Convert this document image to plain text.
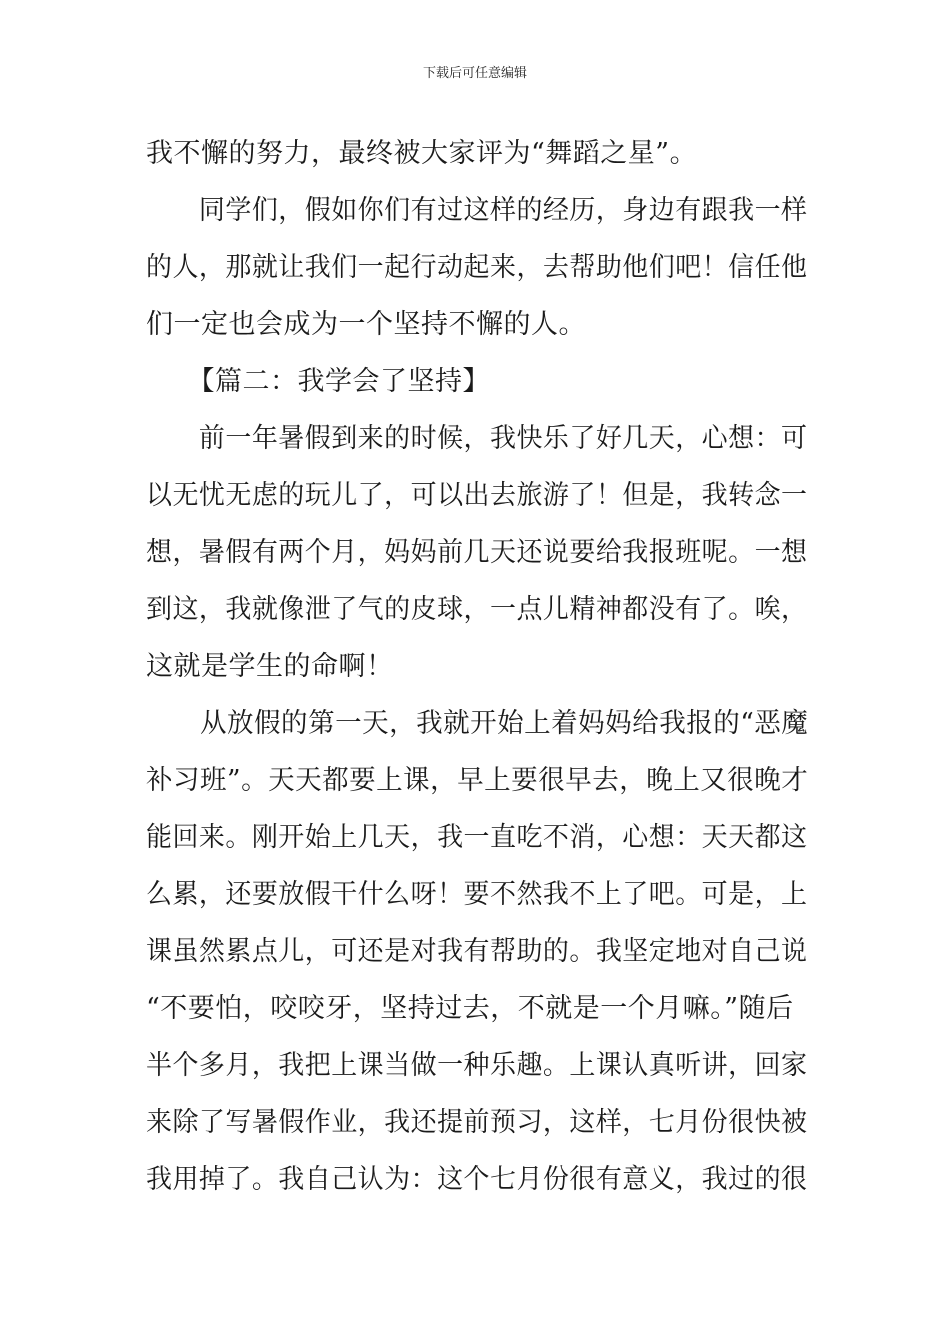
下载后可任意编辑
我不懈的努力，最终被大家评为“舞蹈之星”。
　　同学们，假如你们有过这样的经历，身边有跟我一样
的人，那就让我们一起行动起来，去帮助他们吧！信任他
们一定也会成为一个坚持不懈的人。
　　【篇二：我学会了坚持】
　　前一年暑假到来的时候，我快乐了好几天，心想：可
以无忧无虑的玩儿了，可以出去旅游了！但是，我转念一
想，暑假有两个月，妈妈前几天还说要给我报班呢。一想
到这，我就像泄了气的皮球，一点儿精神都没有了。唉，
这就是学生的命啊！
　　从放假的第一天，我就开始上着妈妈给我报的“恶魔
补习班”。天天都要上课，早上要很早去，晚上又很晚才
能回来。刚开始上几天，我一直吃不消，心想：天天都这
么累，还要放假干什么呀！要不然我不上了吧。可是，上
课虽然累点儿，可还是对我有帮助的。我坚定地对自己说
“不要怕，咬咬牙，坚持过去，不就是一个月嘛。”随后
半个多月，我把上课当做一种乐趣。上课认真听讲，回家
来除了写暑假作业，我还提前预习，这样，七月份很快被
我用掉了。我自己认为：这个七月份很有意义，我过的很
